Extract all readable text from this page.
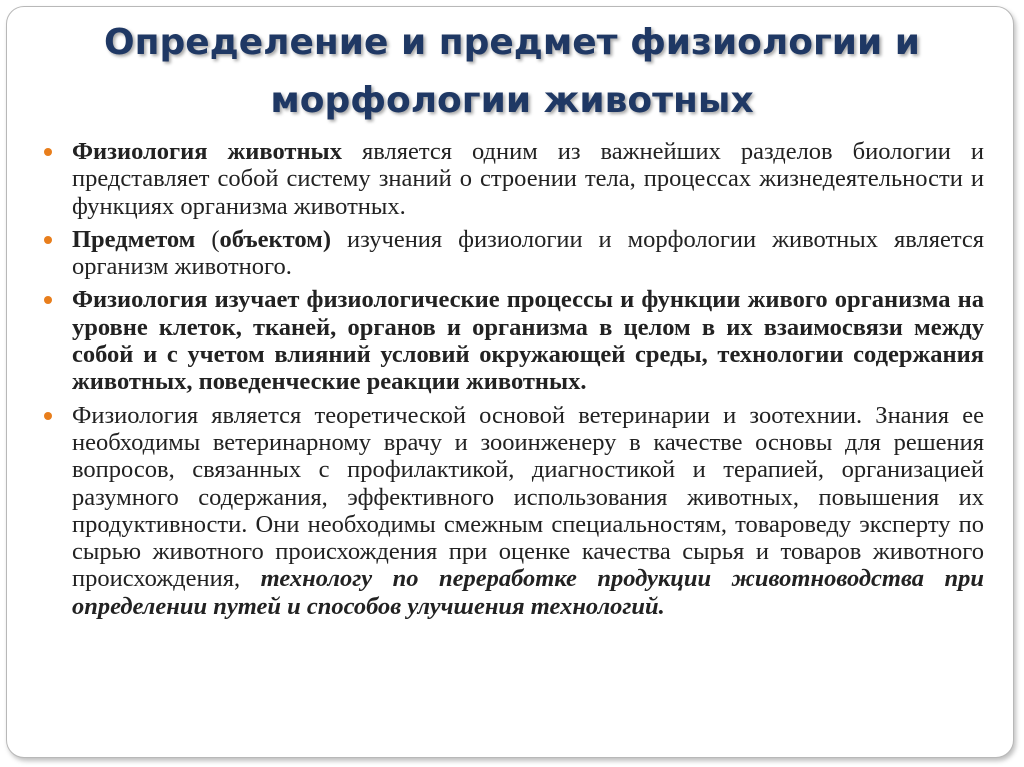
Определение и предмет физиологии и морфологии животных
Физиология животных является одним из важнейших разделов биологии и представляет собой систему знаний о строении тела, процессах жизнедеятельности и функциях организма животных.
Предметом (объектом) изучения физиологии и морфологии животных является организм животного.
Физиология изучает физиологические процессы и функции живого организма на уровне клеток, тканей, органов и организма в целом в их взаимосвязи между собой и с учетом влияний условий окружающей среды, технологии содержания животных, поведенческие реакции животных.
Физиология является теоретической основой ветеринарии и зоотехнии. Знания ее необходимы ветеринарному врачу и зооинженеру в качестве основы для решения вопросов, связанных с профилактикой, диагностикой и терапией, организацией разумного содержания, эффективного использования животных, повышения их продуктивности. Они необходимы смежным специальностям, товароведу эксперту по сырью животного происхождения при оценке качества сырья и товаров животного происхождения, технологу по переработке продукции животноводства при определении путей и способов улучшения технологий.
